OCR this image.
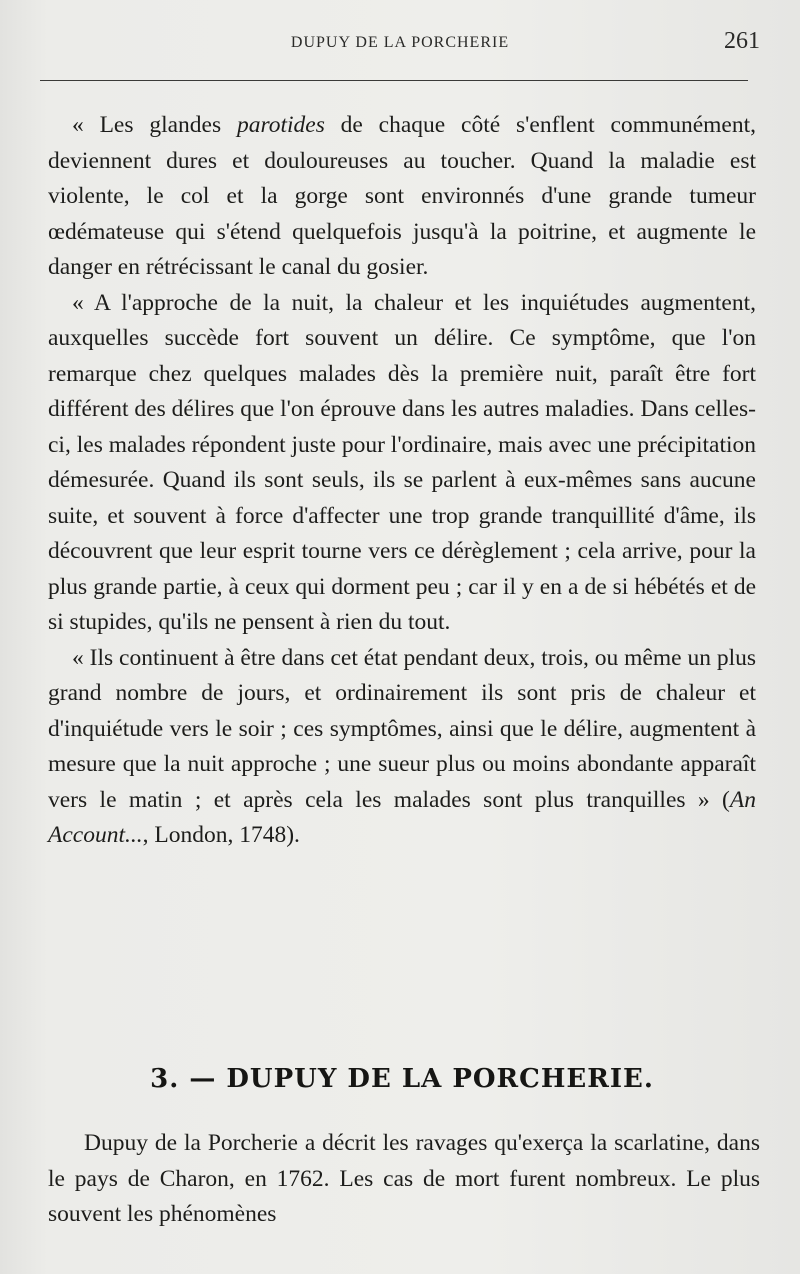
DUPUY DE LA PORCHERIE	261

« Les glandes parotides de chaque côté s'enflent communément, deviennent dures et douloureuses au toucher. Quand la maladie est violente, le col et la gorge sont environnés d'une grande tumeur œdémateuse qui s'étend quelquefois jusqu'à la poitrine, et augmente le danger en rétrécissant le canal du gosier.

« A l'approche de la nuit, la chaleur et les inquiétudes augmentent, auxquelles succède fort souvent un délire. Ce symptôme, que l'on remarque chez quelques malades dès la première nuit, paraît être fort différent des délires que l'on éprouve dans les autres maladies. Dans celles-ci, les malades répondent juste pour l'ordinaire, mais avec une précipitation démesurée. Quand ils sont seuls, ils se parlent à eux-mêmes sans aucune suite, et souvent à force d'affecter une trop grande tranquillité d'âme, ils découvrent que leur esprit tourne vers ce dérèglement ; cela arrive, pour la plus grande partie, à ceux qui dorment peu ; car il y en a de si hébétés et de si stupides, qu'ils ne pensent à rien du tout.

« Ils continuent à être dans cet état pendant deux, trois, ou même un plus grand nombre de jours, et ordinairement ils sont pris de chaleur et d'inquiétude vers le soir ; ces symptômes, ainsi que le délire, augmentent à mesure que la nuit approche ; une sueur plus ou moins abondante apparaît vers le matin ; et après cela les malades sont plus tranquilles » (An Account..., London, 1748).

3. — DUPUY DE LA PORCHERIE.

Dupuy de la Porcherie a décrit les ravages qu'exerça la scarlatine, dans le pays de Charon, en 1762. Les cas de mort furent nombreux. Le plus souvent les phénomènes
